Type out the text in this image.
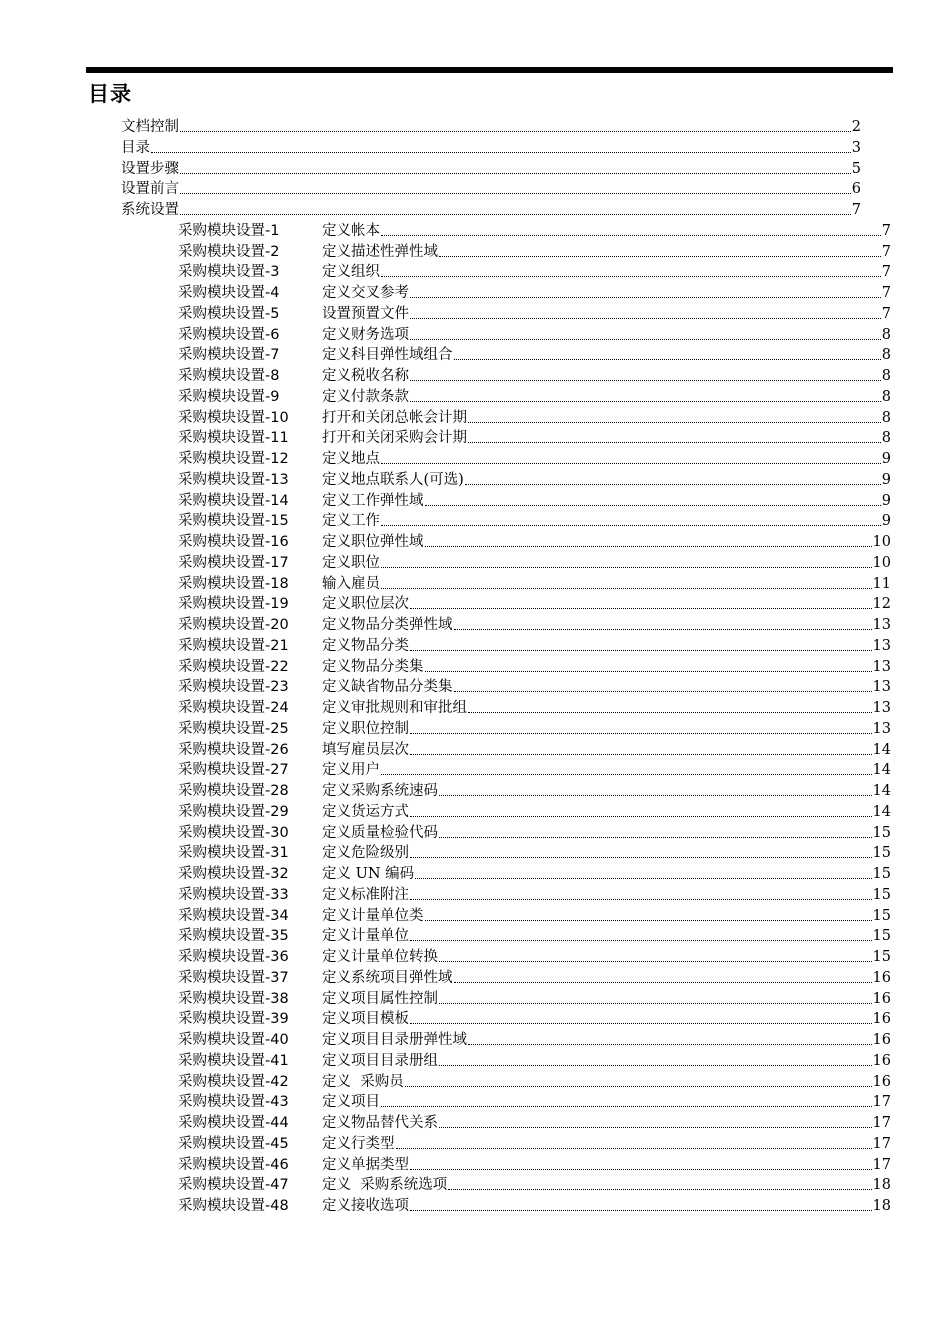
目录
文档控制	2
目录	3
设置步骤	5
设置前言	6
系统设置	7
采购模块设置-1	定义帐本	7
采购模块设置-2	定义描述性弹性域	7
采购模块设置-3	定义组织	7
采购模块设置-4	定义交叉参考	7
采购模块设置-5	设置预置文件	7
采购模块设置-6	定义财务选项	8
采购模块设置-7	定义科目弹性域组合	8
采购模块设置-8	定义税收名称	8
采购模块设置-9	定义付款条款	8
采购模块设置-10	打开和关闭总帐会计期	8
采购模块设置-11	打开和关闭采购会计期	8
采购模块设置-12	定义地点	9
采购模块设置-13	定义地点联系人(可选)	9
采购模块设置-14	定义工作弹性域	9
采购模块设置-15	定义工作	9
采购模块设置-16	定义职位弹性域	10
采购模块设置-17	定义职位	10
采购模块设置-18	输入雇员	11
采购模块设置-19	定义职位层次	12
采购模块设置-20	定义物品分类弹性域	13
采购模块设置-21	定义物品分类	13
采购模块设置-22	定义物品分类集	13
采购模块设置-23	定义缺省物品分类集	13
采购模块设置-24	定义审批规则和审批组	13
采购模块设置-25	定义职位控制	13
采购模块设置-26	填写雇员层次	14
采购模块设置-27	定义用户	14
采购模块设置-28	定义采购系统速码	14
采购模块设置-29	定义货运方式	14
采购模块设置-30	定义质量检验代码	15
采购模块设置-31	定义危险级别	15
采购模块设置-32	定义 UN 编码	15
采购模块设置-33	定义标准附注	15
采购模块设置-34	定义计量单位类	15
采购模块设置-35	定义计量单位	15
采购模块设置-36	定义计量单位转换	15
采购模块设置-37	定义系统项目弹性域	16
采购模块设置-38	定义项目属性控制	16
采购模块设置-39	定义项目模板	16
采购模块设置-40	定义项目目录册弹性域	16
采购模块设置-41	定义项目目录册组	16
采购模块设置-42	定义  采购员	16
采购模块设置-43	定义项目	17
采购模块设置-44	定义物品替代关系	17
采购模块设置-45	定义行类型	17
采购模块设置-46	定义单据类型	17
采购模块设置-47	定义  采购系统选项	18
采购模块设置-48	定义接收选项	18
